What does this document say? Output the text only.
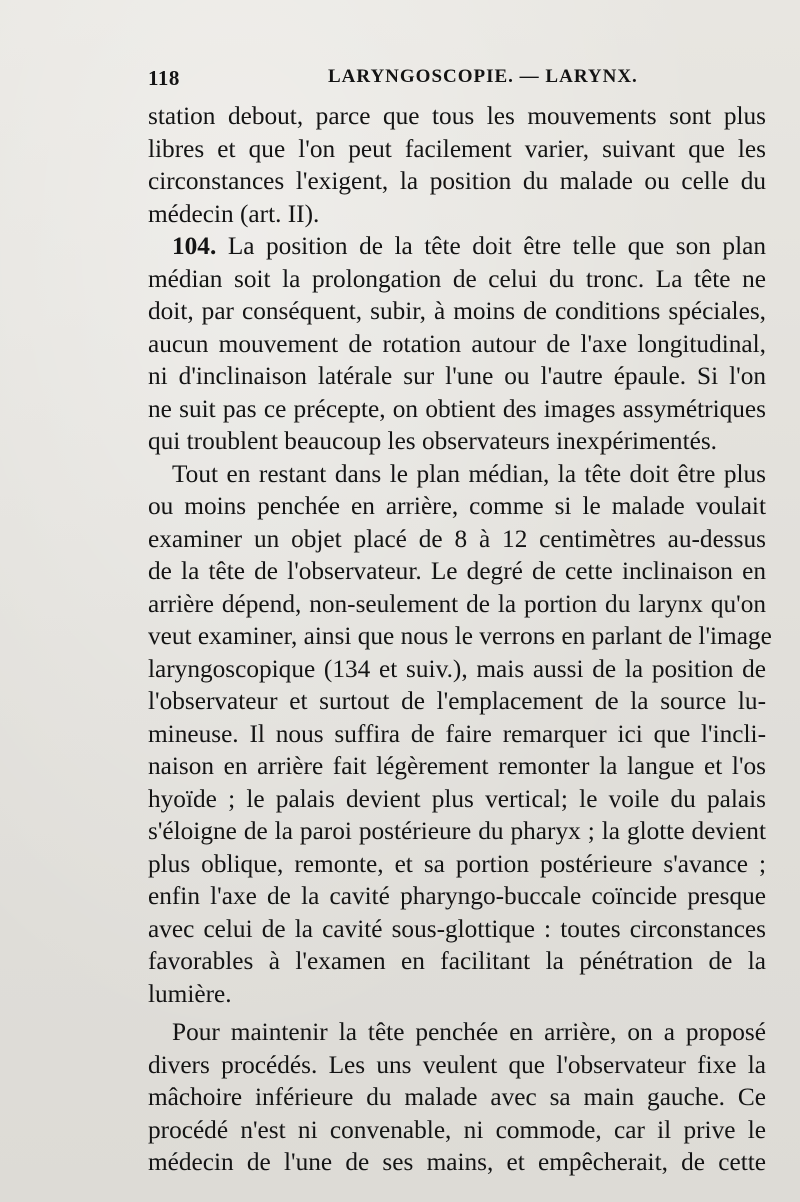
118	LARYNGOSCOPIE. — LARYNX.
station debout, parce que tous les mouvements sont plus
libres et que l'on peut facilement varier, suivant que les
circonstances l'exigent, la position du malade ou celle du
médecin (art. II).
104. La position de la tête doit être telle que son plan
médian soit la prolongation de celui du tronc. La tête ne
doit, par conséquent, subir, à moins de conditions spéciales,
aucun mouvement de rotation autour de l'axe longitudinal,
ni d'inclinaison latérale sur l'une ou l'autre épaule. Si l'on
ne suit pas ce précepte, on obtient des images assymétriques
qui troublent beaucoup les observateurs inexpérimentés.
Tout en restant dans le plan médian, la tête doit être plus
ou moins penchée en arrière, comme si le malade voulait
examiner un objet placé de 8 à 12 centimètres au-dessus
de la tête de l'observateur. Le degré de cette inclinaison en
arrière dépend, non-seulement de la portion du larynx qu'on
veut examiner, ainsi que nous le verrons en parlant de l'image
laryngoscopique (134 et suiv.), mais aussi de la position de
l'observateur et surtout de l'emplacement de la source lu-
mineuse. Il nous suffira de faire remarquer ici que l'incli-
naison en arrière fait légèrement remonter la langue et l'os
hyoïde ; le palais devient plus vertical; le voile du palais
s'éloigne de la paroi postérieure du pharyx ; la glotte devient
plus oblique, remonte, et sa portion postérieure s'avance ;
enfin l'axe de la cavité pharyngo-buccale coïncide presque
avec celui de la cavité sous-glottique : toutes circonstances
favorables à l'examen en facilitant la pénétration de la
lumière.
Pour maintenir la tête penchée en arrière, on a proposé
divers procédés. Les uns veulent que l'observateur fixe la
mâchoire inférieure du malade avec sa main gauche. Ce
procédé n'est ni convenable, ni commode, car il prive le
médecin de l'une de ses mains, et empêcherait, de cette
